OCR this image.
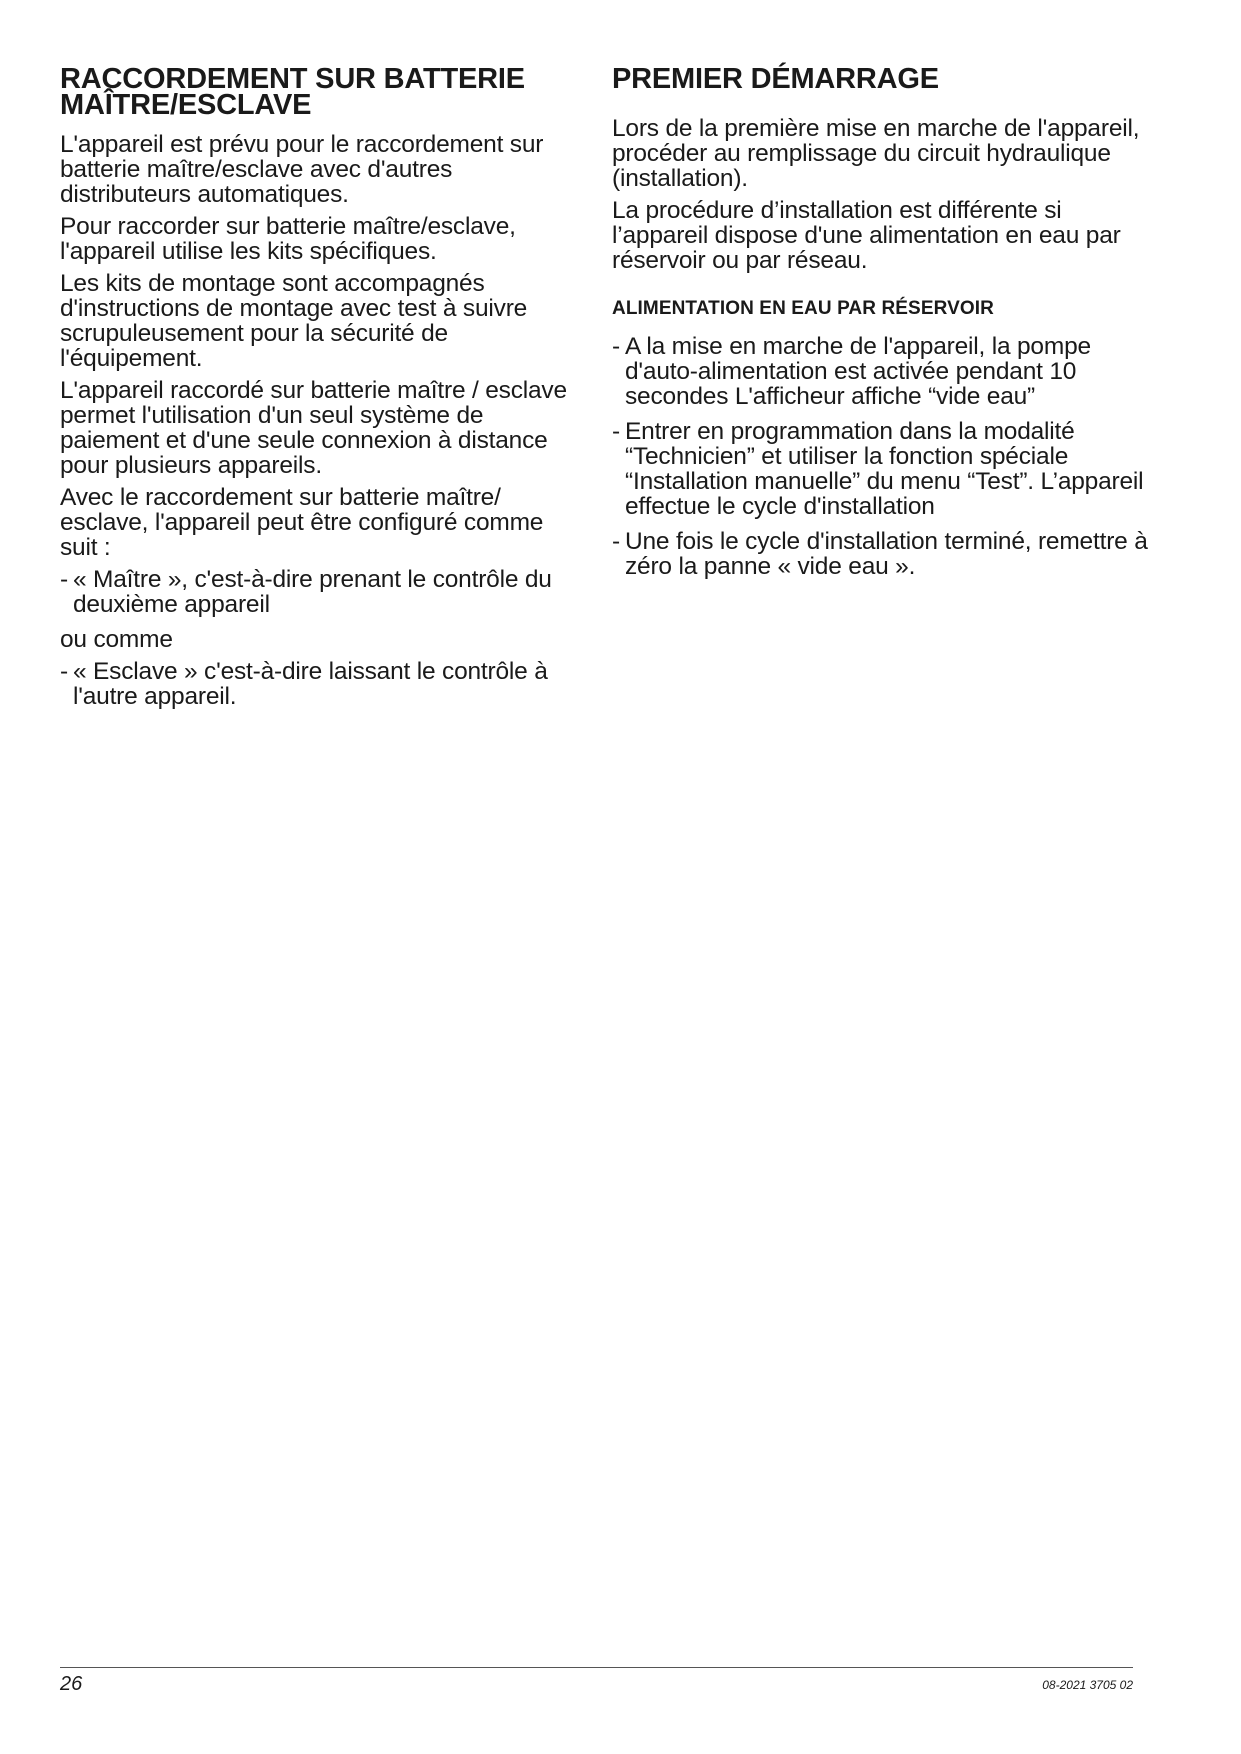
RACCORDEMENT SUR BATTERIE
MAÎTRE/ESCLAVE

L'appareil est prévu pour le raccordement sur batterie maître/esclave avec d'autres distributeurs automatiques.

Pour raccorder sur batterie maître/esclave, l'appareil utilise les kits spécifiques.

Les kits de montage sont accompagnés d'instructions de montage avec test à suivre scrupuleusement pour la sécurité de l'équipement.

L'appareil raccordé sur batterie maître / esclave permet l'utilisation d'un seul système de paiement et d'une seule connexion à distance pour plusieurs appareils.

Avec le raccordement sur batterie maître/ esclave, l'appareil peut être configuré comme suit :

- « Maître », c'est-à-dire prenant le contrôle du deuxième appareil

ou comme

- « Esclave » c'est-à-dire laissant le contrôle à l'autre appareil.
PREMIER DÉMARRAGE

Lors de la première mise en marche de l'appareil, procéder au remplissage du circuit hydraulique (installation).

La procédure d’installation est différente si l’appareil dispose d'une alimentation en eau par réservoir ou par réseau.

ALIMENTATION EN EAU PAR RÉSERVOIR
- A la mise en marche de l'appareil, la pompe d'auto-alimentation est activée pendant 10 secondes L'afficheur affiche “vide eau”
- Entrer en programmation dans la modalité “Technicien” et utiliser la fonction spéciale “Installation manuelle” du menu “Test”. L’appareil effectue le cycle d'installation
- Une fois le cycle d'installation terminé, remettre à zéro la panne « vide eau ».
26	08-2021 3705 02
